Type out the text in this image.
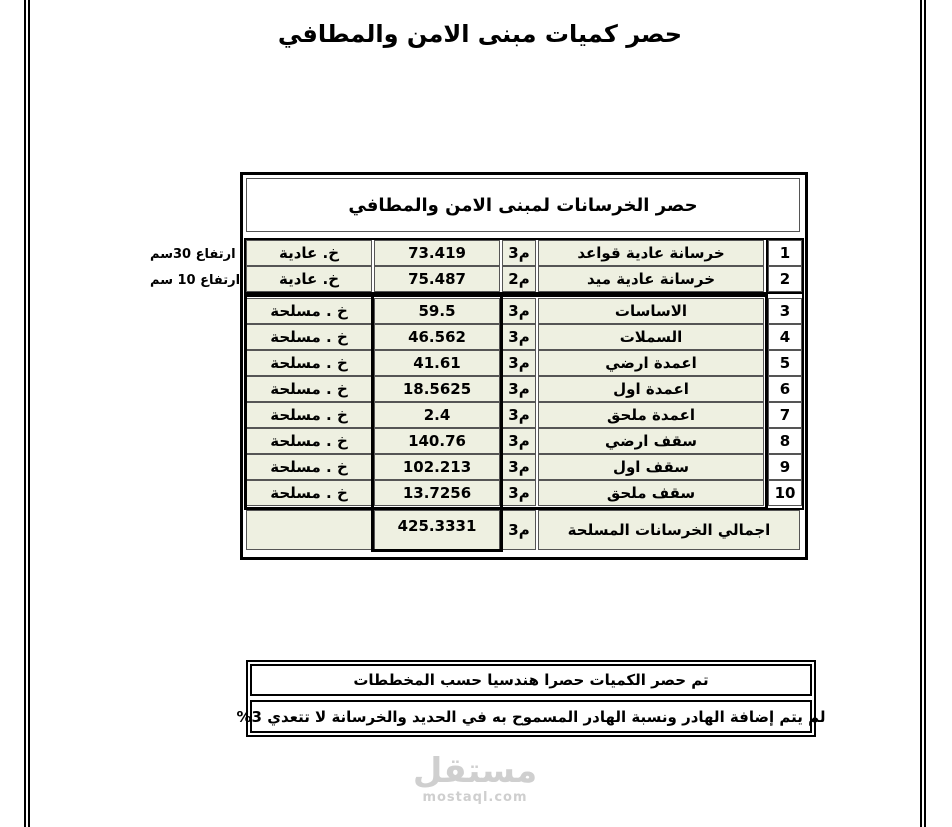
حصر كميات مبنى الامن والمطافي
حصر الخرسانات لمبنى الامن والمطافي
خ. عادية	73.419	م3	خرسانة عادية قواعد	1
ارتفاع 30سم
خ. عادية	75.487	م2	خرسانة عادية ميد	2
ارتفاع 10 سم
خ . مسلحة	59.5	م3	الاساسات	3
خ . مسلحة	46.562	م3	السملات	4
خ . مسلحة	41.61	م3	اعمدة ارضي	5
خ . مسلحة	18.5625	م3	اعمدة اول	6
خ . مسلحة	2.4	م3	اعمدة ملحق	7
خ . مسلحة	140.76	م3	سقف ارضي	8
خ . مسلحة	102.213	م3	سقف اول	9
خ . مسلحة	13.7256	م3	سقف ملحق	10
425.3331	م3	اجمالي الخرسانات المسلحة
تم حصر الكميات حصرا هندسيا حسب المخططات
لم يتم إضافة الهادر ونسبة الهادر المسموح به في الحديد والخرسانة لا تتعدي 3%
مستقل
mostaql.com
